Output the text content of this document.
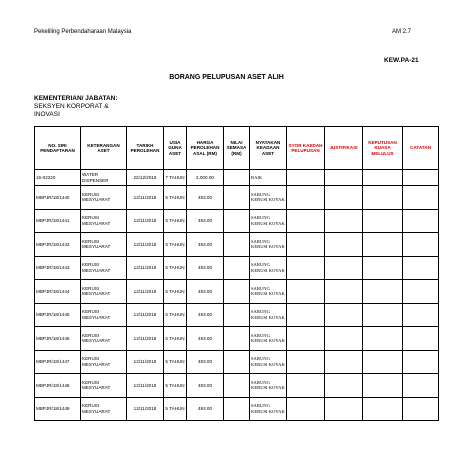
Pekeliling Perbendaharaan Malaysia	AM 2.7
KEW.PA-21
BORANG PELUPUSAN ASET ALIH
KEMENTERIAN/ JABATAN:
SEKSYEN KORPORAT & INOVASI
NO. SIRI PENDAFTARAN	KETERANGAN ASET	TARIKH PEROLEHAN	USIA GUNA ASET	HARGA PEROLEHAN ASAL (RM)	NILAI SEMASA (RM)	NYATAKAN KEADAAN ASET	SYOR KAEDAH PELUPUSAN	JUSTIFIKASI	KEPUTUSAN KUASA MELULUS	CATATAN
16-02220	WATER DISPENSER	22/12/2016	7 TAHUN	2,000.00		BAIK				
MBPJR/18/1440	KERUSI MESYUARAT	12/11/2018	5 TAHUN	493.00		SARUNG KERUSI KOYAK				
MBPJR/18/1441	KERUSI MESYUARAT	12/11/2018	5 TAHUN	493.00		SARUNG KERUSI KOYAK				
MBPJR/18/1442	KERUSI MESYUARAT	12/11/2018	5 TAHUN	493.00		SARUNG KERUSI KOYAK				
MBPJR/18/1443	KERUSI MESYUARAT	12/11/2018	5 TAHUN	493.00		SARUNG KERUSI KOYAK				
MBPJR/18/1444	KERUSI MESYUARAT	12/11/2018	5 TAHUN	493.00		SARUNG KERUSI KOYAK				
MBPJR/18/1445	KERUSI MESYUARAT	12/11/2018	5 TAHUN	493.00		SARUNG KERUSI KOYAK				
MBPJR/18/1446	KERUSI MESYUARAT	12/11/2018	5 TAHUN	493.00		SARUNG KERUSI KOYAK				
MBPJR/18/1447	KERUSI MESYUARAT	12/11/2018	5 TAHUN	493.00		SARUNG KERUSI KOYAK				
MBPJR/18/1448	KERUSI MESYUARAT	12/11/2018	5 TAHUN	493.00		SARUNG KERUSI KOYAK				
MBPJR/18/1449	KERUSI MESYUARAT	12/11/2018	5 TAHUN	493.00		SARUNG KERUSI KOYAK				
